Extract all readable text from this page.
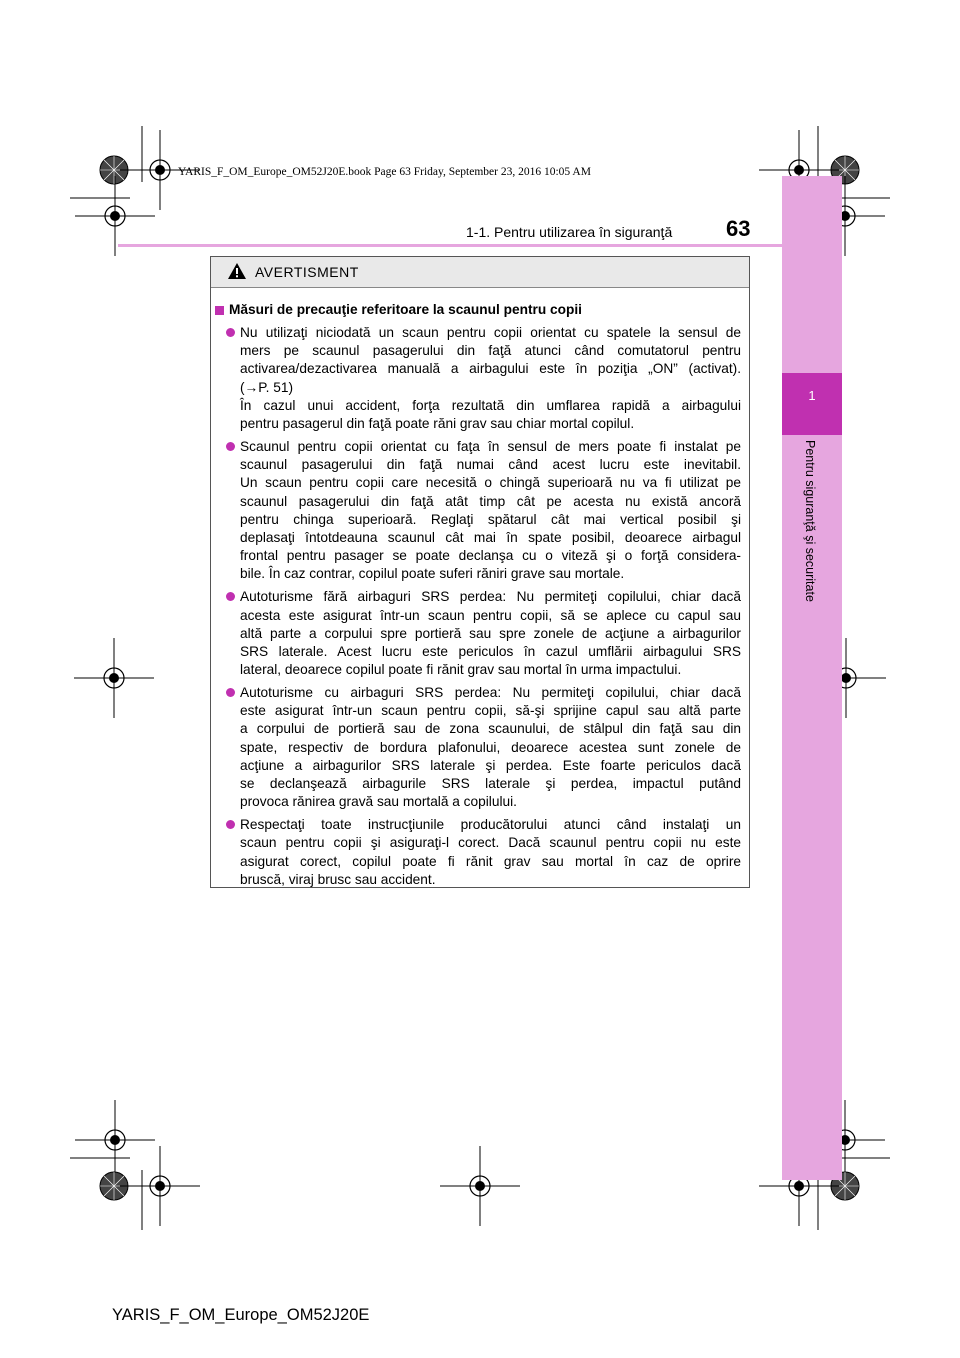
YARIS_F_OM_Europe_OM52J20E.book Page 63 Friday, September 23, 2016 10:05 AM
1-1. Pentru utilizarea în siguranţă 63
1
Pentru siguranţă şi securitate
AVERTISMENT
Măsuri de precauţie referitoare la scaunul pentru copii
Nu utilizaţi niciodată un scaun pentru copii orientat cu spatele la sensul de
mers pe scaunul pasagerului din faţă atunci când comutatorul pentru
activarea/dezactivarea manuală a airbagului este în poziţia „ON” (activat).
(→P. 51)
În cazul unui accident, forţa rezultată din umflarea rapidă a airbagului
pentru pasagerul din faţă poate răni grav sau chiar mortal copilul.
Scaunul pentru copii orientat cu faţa în sensul de mers poate fi instalat pe
scaunul pasagerului din faţă numai când acest lucru este inevitabil.
Un scaun pentru copii care necesită o chingă superioară nu va fi utilizat pe
scaunul pasagerului din faţă atât timp cât pe acesta nu există ancoră
pentru chinga superioară. Reglaţi spătarul cât mai vertical posibil şi
deplasaţi întotdeauna scaunul cât mai în spate posibil, deoarece airbagul
frontal pentru pasager se poate declanşa cu o viteză şi o forţă considera-
bile. În caz contrar, copilul poate suferi răniri grave sau mortale.
Autoturisme fără airbaguri SRS perdea: Nu permiteţi copilului, chiar dacă
acesta este asigurat într-un scaun pentru copii, să se aplece cu capul sau
altă parte a corpului spre portieră sau spre zonele de acţiune a airbagurilor
SRS laterale. Acest lucru este periculos în cazul umflării airbagului SRS
lateral, deoarece copilul poate fi rănit grav sau mortal în urma impactului.
Autoturisme cu airbaguri SRS perdea: Nu permiteţi copilului, chiar dacă
este asigurat într-un scaun pentru copii, să-şi sprijine capul sau altă parte
a corpului de portieră sau de zona scaunului, de stâlpul din faţă sau din
spate, respectiv de bordura plafonului, deoarece acestea sunt zonele de
acţiune a airbagurilor SRS laterale şi perdea. Este foarte periculos dacă
se declanşează airbagurile SRS laterale şi perdea, impactul putând
provoca rănirea gravă sau mortală a copilului.
Respectaţi toate instrucţiunile producătorului atunci când instalaţi un
scaun pentru copii şi asiguraţi-l corect. Dacă scaunul pentru copii nu este
asigurat corect, copilul poate fi rănit grav sau mortal în caz de oprire
bruscă, viraj brusc sau accident.
YARIS_F_OM_Europe_OM52J20E
